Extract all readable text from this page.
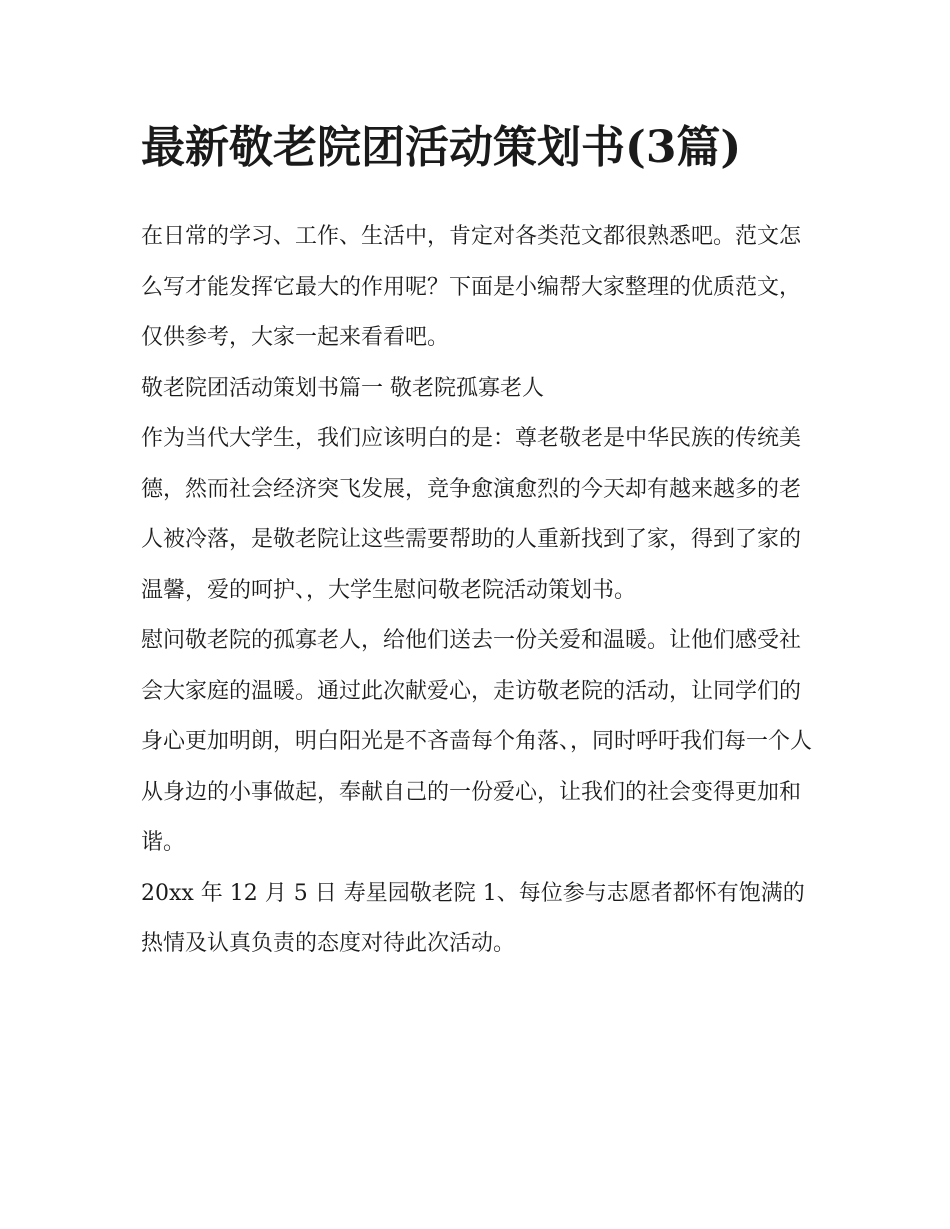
最新敬老院团活动策划书(3篇)

在日常的学习、工作、生活中，肯定对各类范文都很熟悉吧。范文怎么写才能发挥它最大的作用呢？下面是小编帮大家整理的优质范文，仅供参考，大家一起来看看吧。

敬老院团活动策划书篇一 敬老院孤寡老人

作为当代大学生，我们应该明白的是：尊老敬老是中华民族的传统美德，然而社会经济突飞发展，竞争愈演愈烈的今天却有越来越多的老人被冷落，是敬老院让这些需要帮助的人重新找到了家，得到了家的温馨，爱的呵护、，大学生慰问敬老院活动策划书。

慰问敬老院的孤寡老人，给他们送去一份关爱和温暖。让他们感受社会大家庭的温暖。通过此次献爱心，走访敬老院的活动，让同学们的身心更加明朗，明白阳光是不吝啬每个角落、，同时呼吁我们每一个人从身边的小事做起，奉献自己的一份爱心，让我们的社会变得更加和谐。

20xx 年 12 月 5 日 寿星园敬老院 1、每位参与志愿者都怀有饱满的热情及认真负责的态度对待此次活动。
